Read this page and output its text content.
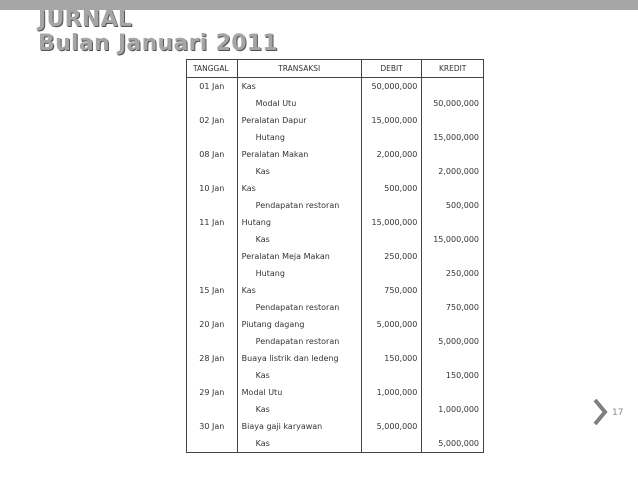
JURNAL
Bulan Januari 2011
TANGGAL	TRANSAKSI	DEBIT	KREDIT
01 Jan	Kas	50,000,000	
	Modal Utu		50,000,000
02 Jan	Peralatan Dapur	15,000,000	
	Hutang		15,000,000
08 Jan	Peralatan Makan	2,000,000	
	Kas		2,000,000
10 Jan	Kas	500,000	
	Pendapatan restoran		500,000
11 Jan	Hutang	15,000,000	
	Kas		15,000,000
	Peralatan Meja Makan	250,000	
	Hutang		250,000
15 Jan	Kas	750,000	
	Pendapatan restoran		750,000
20 Jan	Piutang dagang	5,000,000	
	Pendapatan restoran		5,000,000
28 Jan	Buaya listrik dan ledeng	150,000	
	Kas		150,000
29 Jan	Modal Utu	1,000,000	
	Kas		1,000,000
30 Jan	Biaya gaji karyawan	5,000,000	
	Kas		5,000,000
17
